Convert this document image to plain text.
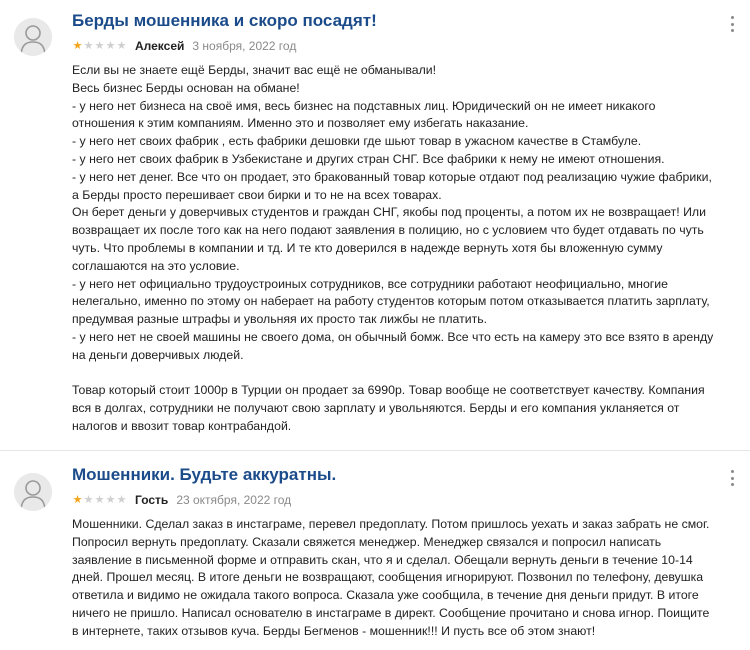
Берды мошенника и скоро посадят!
★ ★ ★ ★ ★ Алексей 3 ноября, 2022 год

Если вы не знаете ещё Берды, значит вас ещё не обманывали!

Весь бизнес Берды основан на обмане!

- у него нет бизнеса на своё имя, весь бизнес на подставных лиц. Юридический он не имеет никакого

отношения к этим компаниям. Именно это и позволяет ему избегать наказание.

- у него нет своих фабрик , есть фабрики дешовки где шьют товар в ужасном качестве в Стамбуле.

- у него нет своих фабрик в Узбекистане и других стран СНГ. Все фабрики к нему не имеют отношения.

- у него нет денег. Все что он продает, это бракованный товар которые отдают под реализацию чужие фабрики,

а Берды просто перешивает свои бирки и то не на всех товарах.

Он берет деньги у доверчивых студентов и граждан СНГ, якобы под проценты, а потом их не возвращает! Или

возвращает их после того как на него подают заявления в полицию, но с условием что будет отдавать по чуть

чуть. Что проблемы в компании и тд. И те кто доверился в надежде вернуть хотя бы вложенную сумму

соглашаются на это условие.

- у него нет официально трудоустроиных сотрудников, все сотрудники работают неофициально, многие

нелегально, именно по этому он наберает на работу студентов которым потом отказывается платить зарплату,

предумвая разные штрафы и увольняя их просто так лижбы не платить.

- у него нет не своей машины не своего дома, он обычный бомж. Все что есть на камеру это все взято в аренду

на деньги доверчивых людей.

Товар который стоит 1000р в Турции он продает за 6990р. Товар вообще не соответствует качеству. Компания

вся в долгах, сотрудники не получают свою зарплату и увольняются. Берды и его компания укланяется от

налогов и ввозит товар контрабандой.

Мошенники. Будьте аккуратны.
★ ★ ★ ★ ★ Гость 23 октября, 2022 год

Мошенники. Сделал заказ в инстаграме, перевел предоплату. Потом пришлось уехать и заказ забрать не смог.

Попросил вернуть предоплату. Сказали свяжется менеджер. Менеджер связался и попросил написать

заявление в письменной форме и отправить скан, что я и сделал. Обещали вернуть деньги в течение 10-14

дней. Прошел месяц. В итоге деньги не возвращают, сообщения игнорируют. Позвонил по телефону, девушка

ответила и видимо не ожидала такого вопроса. Сказала уже сообщила, в течение дня деньги придут. В итоге

ничего не пришло. Написал основателю в инстаграме в директ. Сообщение прочитано и снова игнор. Поищите

в интернете, таких отзывов куча. Берды Бегменов - мошенник!!! И пусть все об этом знают!
